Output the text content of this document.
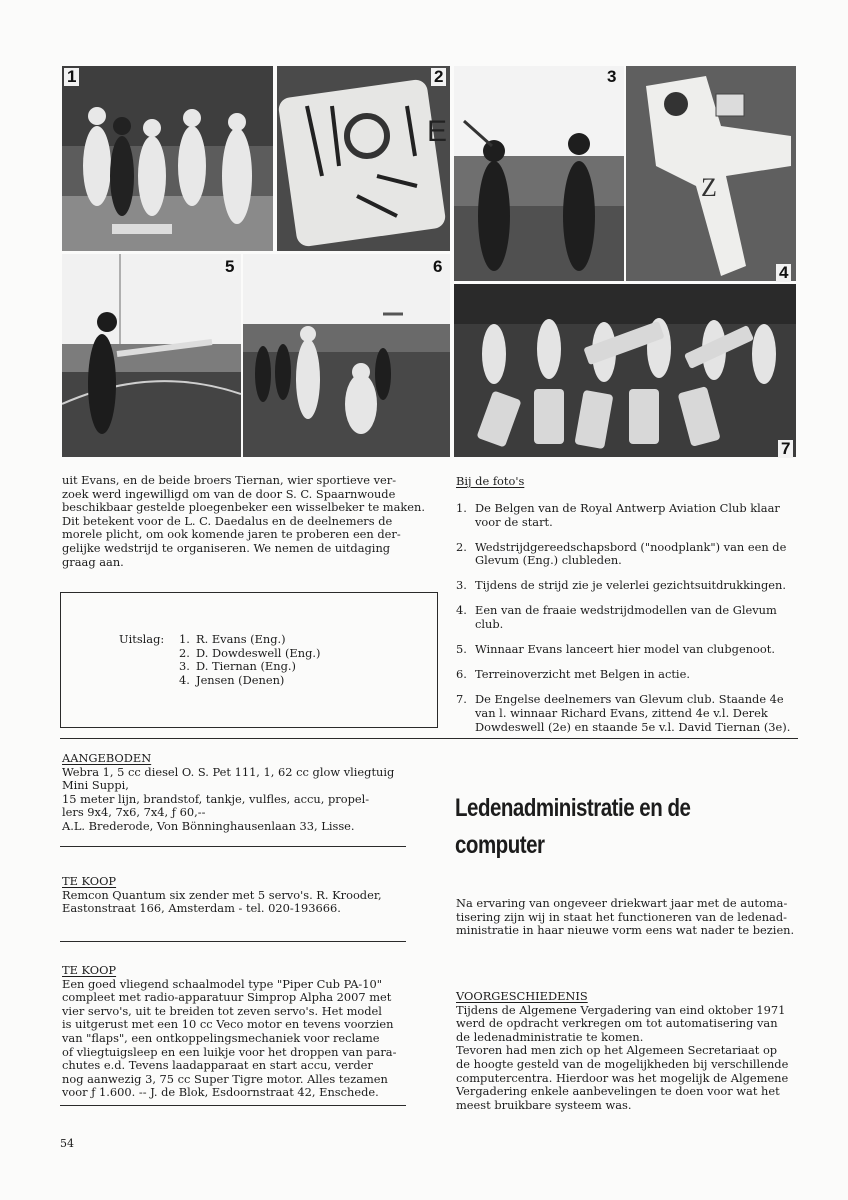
1
E
2	3
Z
4
5	6
7

uit Evans, en de beide broers Tiernan, wier sportieve ver-

zoek werd ingewilligd om van de door S. C. Spaarnwoude

beschikbaar gestelde ploegenbeker een wisselbeker te maken.

Dit betekent voor de L. C. Daedalus en de deelnemers de

morele plicht, om ook komende jaren te proberen een der-

gelijke wedstrijd te organiseren. We nemen de uitdaging

graag aan.

Uitslag:	1. R. Evans (Eng.)
2. D. Dowdeswell (Eng.)
3. D. Tiernan (Eng.)
4. Jensen (Denen)
Bij de foto's
1. De Belgen van de Royal Antwerp Aviation Club klaar voor de start.
2. Wedstrijdgereedschapsbord ("noodplank") van een de Glevum (Eng.) clubleden.
3. Tijdens de strijd zie je velerlei gezichtsuitdrukkingen.
4. Een van de fraaie wedstrijdmodellen van de Glevum club.
5. Winnaar Evans lanceert hier model van clubgenoot.
6. Terreinoverzicht met Belgen in actie.
7. De Engelse deelnemers van Glevum club. Staande 4e van l. winnaar Richard Evans, zittend 4e v.l. Derek Dowdeswell (2e) en staande 5e v.l. David Tiernan (3e).

AANGEBODEN

Webra 1, 5 cc diesel O. S. Pet 111, 1, 62 cc glow vliegtuig

Mini Suppi,

15 meter lijn, brandstof, tankje, vulfles, accu, propel-

lers 9x4, 7x6, 7x4, ƒ 60,--

A.L. Brederode, Von Bönninghausenlaan 33, Lisse.

TE KOOP

Remcon Quantum six zender met 5 servo's. R. Krooder,

Eastonstraat 166, Amsterdam - tel. 020-193666.

TE KOOP

Een goed vliegend schaalmodel type "Piper Cub PA-10"

compleet met radio-apparatuur Simprop Alpha 2007 met

vier servo's, uit te breiden tot zeven servo's. Het model

is uitgerust met een 10 cc Veco motor en tevens voorzien

van "flaps", een ontkoppelingsmechaniek voor reclame

of vliegtuigsleep en een luikje voor het droppen van para-

chutes e.d. Tevens laadapparaat en start accu, verder

nog aanwezig 3, 75 cc Super Tigre motor. Alles tezamen

voor ƒ 1.600. -- J. de Blok, Esdoornstraat 42, Enschede.

Ledenadministratie en de
computer

Na ervaring van ongeveer driekwart jaar met de automa-

tisering zijn wij in staat het functioneren van de ledenad-

ministratie in haar nieuwe vorm eens wat nader te bezien.

VOORGESCHIEDENIS

Tijdens de Algemene Vergadering van eind oktober 1971

werd de opdracht verkregen om tot automatisering van

de ledenadministratie te komen.

Tevoren had men zich op het Algemeen Secretariaat op

de hoogte gesteld van de mogelijkheden bij verschillende

computercentra. Hierdoor was het mogelijk de Algemene

Vergadering enkele aanbevelingen te doen voor wat het

meest bruikbare systeem was.

54
